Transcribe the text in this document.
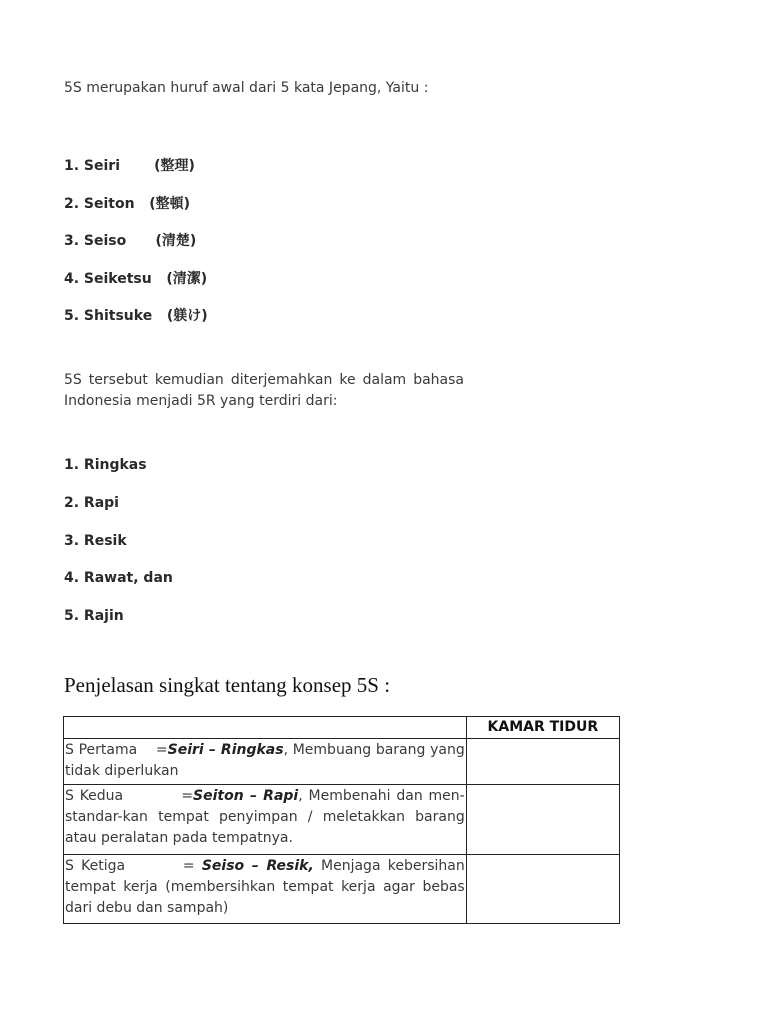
5S merupakan huruf awal dari 5 kata Jepang, Yaitu :

1. Seiri (整理)

2. Seiton (整頓)

3. Seiso (清楚)

4. Seiketsu (清潔)

5. Shitsuke (躾け)

5S tersebut kemudian diterjemahkan ke dalam bahasa Indonesia menjadi 5R yang terdiri dari:

1. Ringkas

2. Rapi

3. Resik

4. Rawat, dan

5. Rajin

Penjelasan singkat tentang konsep 5S :
	KAMAR TIDUR
S Pertama =Seiri – Ringkas, Membuang barang yang tidak diperlukan	
S Kedua =Seiton – Rapi, Membenahi dan men-standar-kan tempat penyimpan / meletakkan barang atau peralatan pada tempatnya.	
S Ketiga = Seiso – Resik, Menjaga kebersihan tempat kerja (membersihkan tempat kerja agar bebas dari debu dan sampah)	
